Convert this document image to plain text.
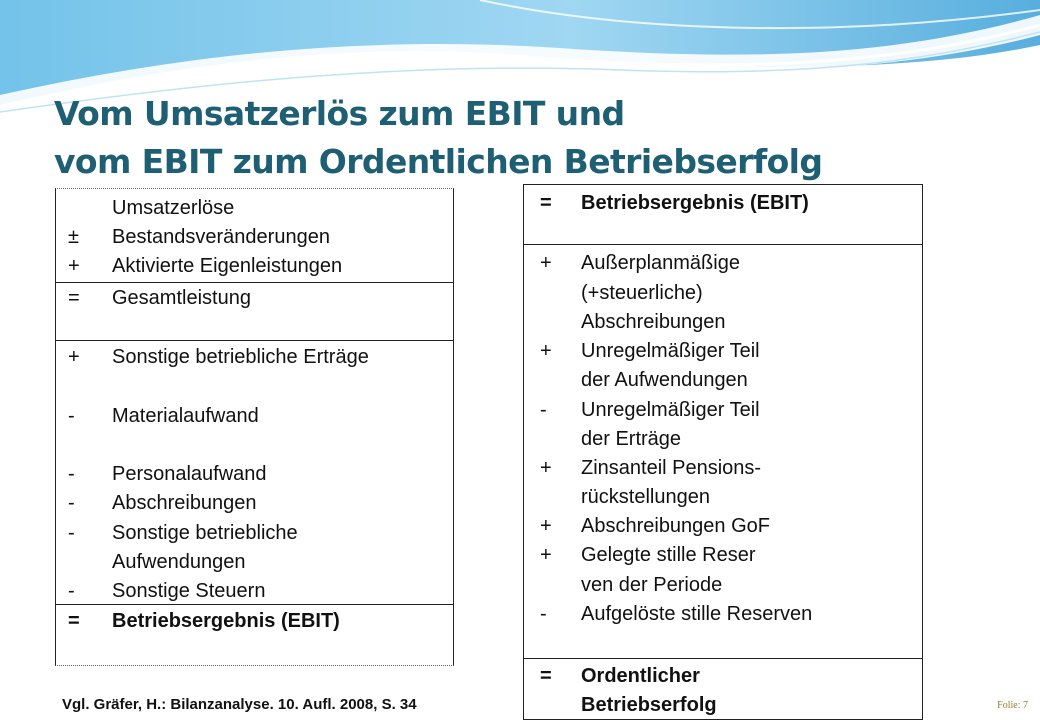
Vom Umsatzerlös zum EBIT und
vom EBIT zum Ordentlichen Betriebserfolg
Umsatzerlöse
±	Bestandsveränderungen
+	Aktivierte Eigenleistungen
=	Gesamtleistung
+	Sonstige betriebliche Erträge
-	Materialaufwand
-	Personalaufwand
-	Abschreibungen
-	Sonstige betriebliche
Aufwendungen
-	Sonstige Steuern
=	Betriebsergebnis (EBIT)
=	Betriebsergebnis (EBIT)
+	Außerplanmäßige
(+steuerliche)
Abschreibungen
+	Unregelmäßiger Teil
der Aufwendungen
-	Unregelmäßiger Teil
der Erträge
+	Zinsanteil Pensions-
rückstellungen
+	Abschreibungen GoF
+	Gelegte stille Reser
ven der Periode
-	Aufgelöste stille Reserven
=	Ordentlicher
Betriebserfolg
Vgl. Gräfer, H.: Bilanzanalyse. 10. Aufl. 2008, S. 34	Folie: 7
